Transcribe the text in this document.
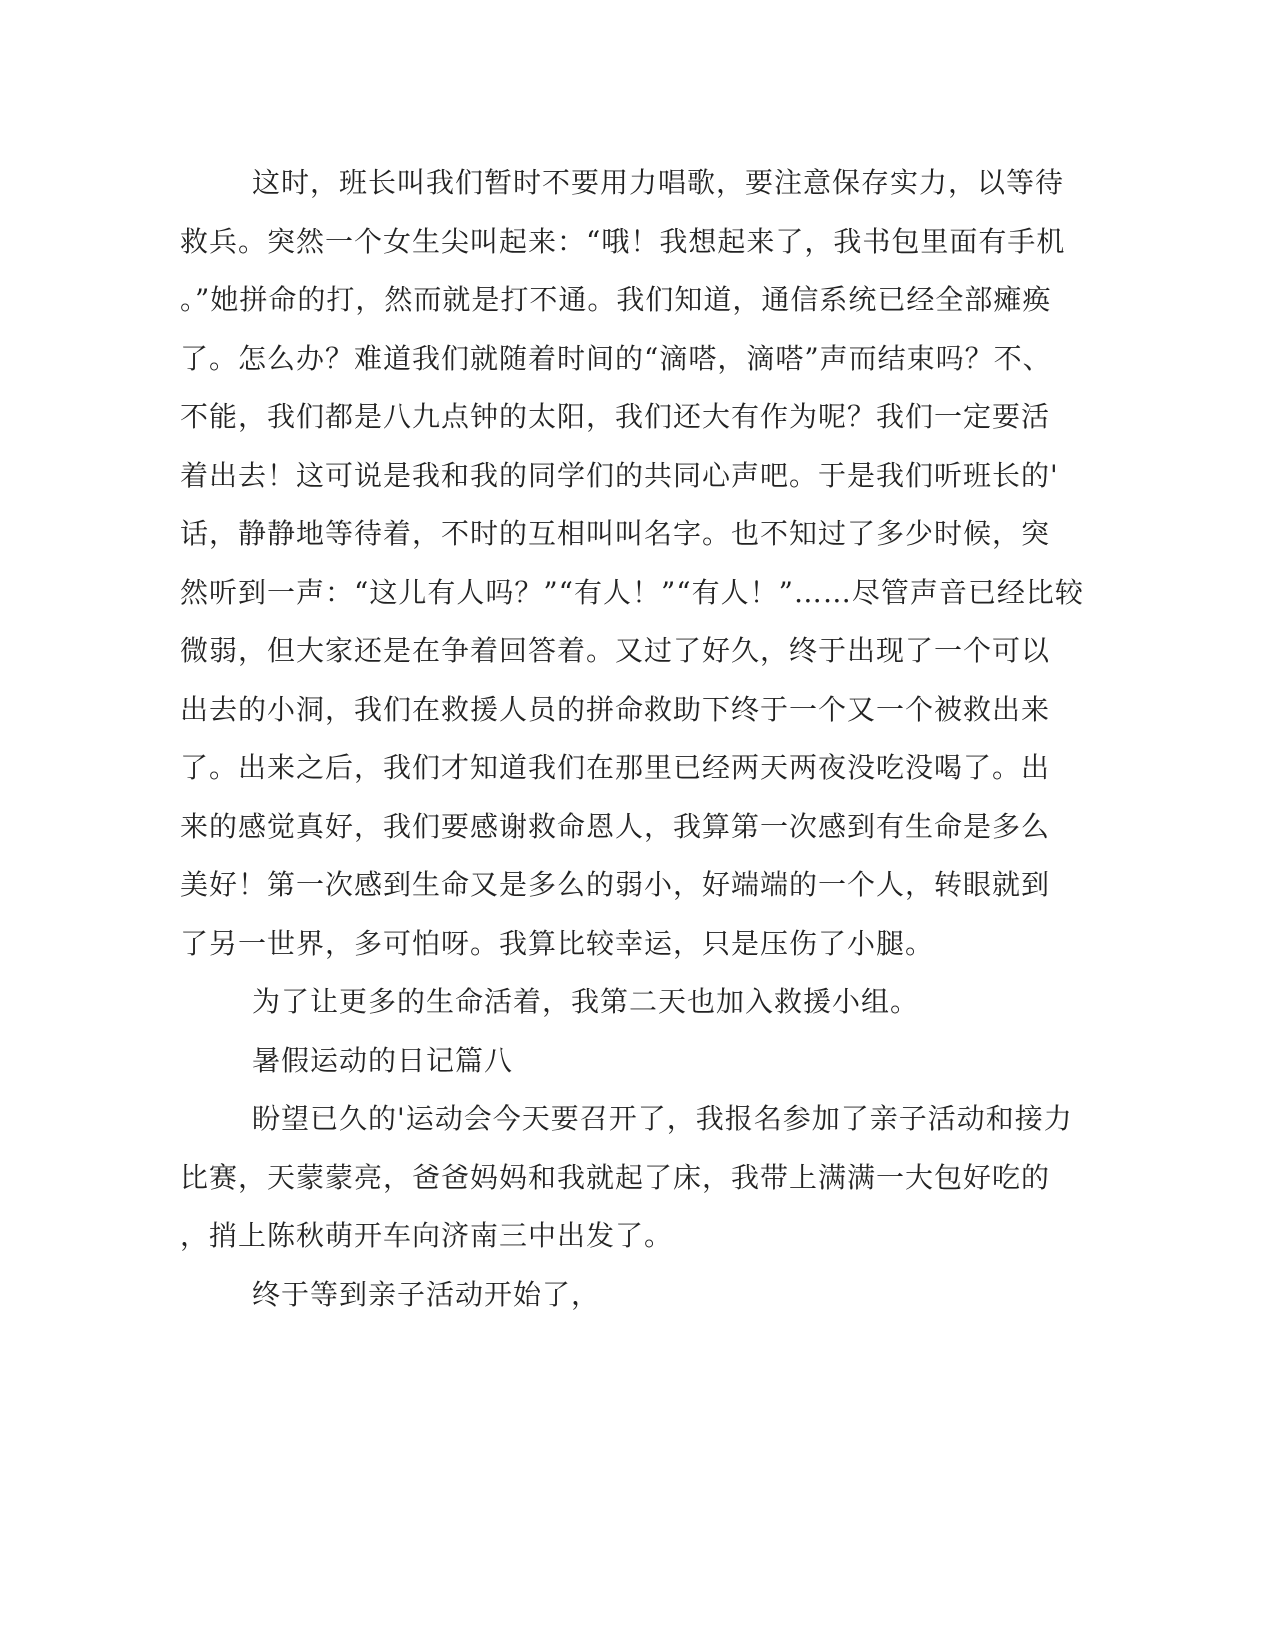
这时，班长叫我们暂时不要用力唱歌，要注意保存实力，以等待
救兵。突然一个女生尖叫起来：“哦！我想起来了，我书包里面有手机
。”她拼命的打，然而就是打不通。我们知道，通信系统已经全部瘫痪
了。怎么办？难道我们就随着时间的“滴嗒，滴嗒”声而结束吗？不、
不能，我们都是八九点钟的太阳，我们还大有作为呢？我们一定要活
着出去！这可说是我和我的同学们的共同心声吧。于是我们听班长的'
话，静静地等待着，不时的互相叫叫名字。也不知过了多少时候，突
然听到一声：“这儿有人吗？”“有人！”“有人！”……尽管声音已经比较
微弱，但大家还是在争着回答着。又过了好久，终于出现了一个可以
出去的小洞，我们在救援人员的拼命救助下终于一个又一个被救出来
了。出来之后，我们才知道我们在那里已经两天两夜没吃没喝了。出
来的感觉真好，我们要感谢救命恩人，我算第一次感到有生命是多么
美好！第一次感到生命又是多么的弱小，好端端的一个人，转眼就到
了另一世界，多可怕呀。我算比较幸运，只是压伤了小腿。
为了让更多的生命活着，我第二天也加入救援小组。
暑假运动的日记篇八
盼望已久的'运动会今天要召开了，我报名参加了亲子活动和接力
比赛，天蒙蒙亮，爸爸妈妈和我就起了床，我带上满满一大包好吃的
，捎上陈秋萌开车向济南三中出发了。
终于等到亲子活动开始了，
